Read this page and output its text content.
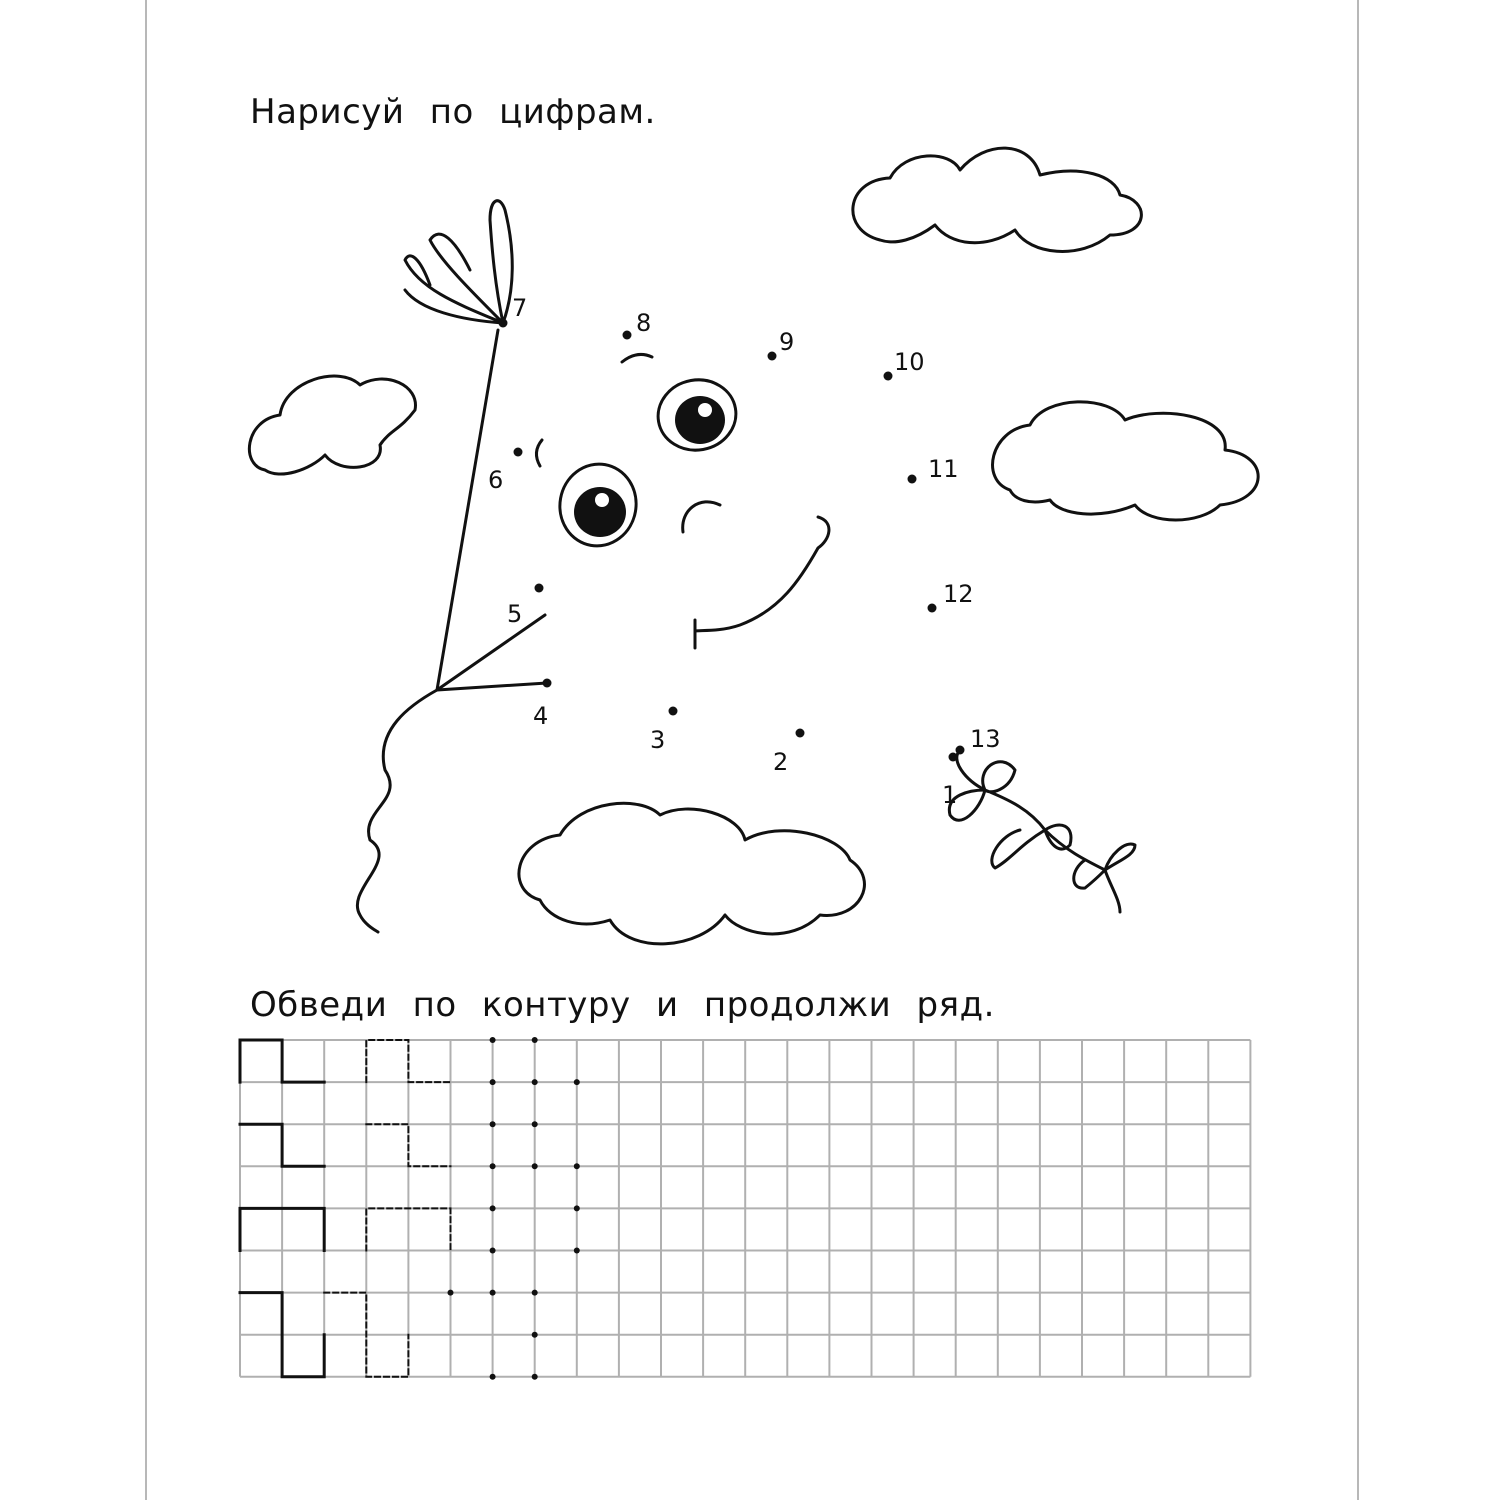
Нарисуй по цифрам.
Обведи по контуру и продолжи ряд.
1
2
3
4
5
6
7
8
9
10
11
12
13
